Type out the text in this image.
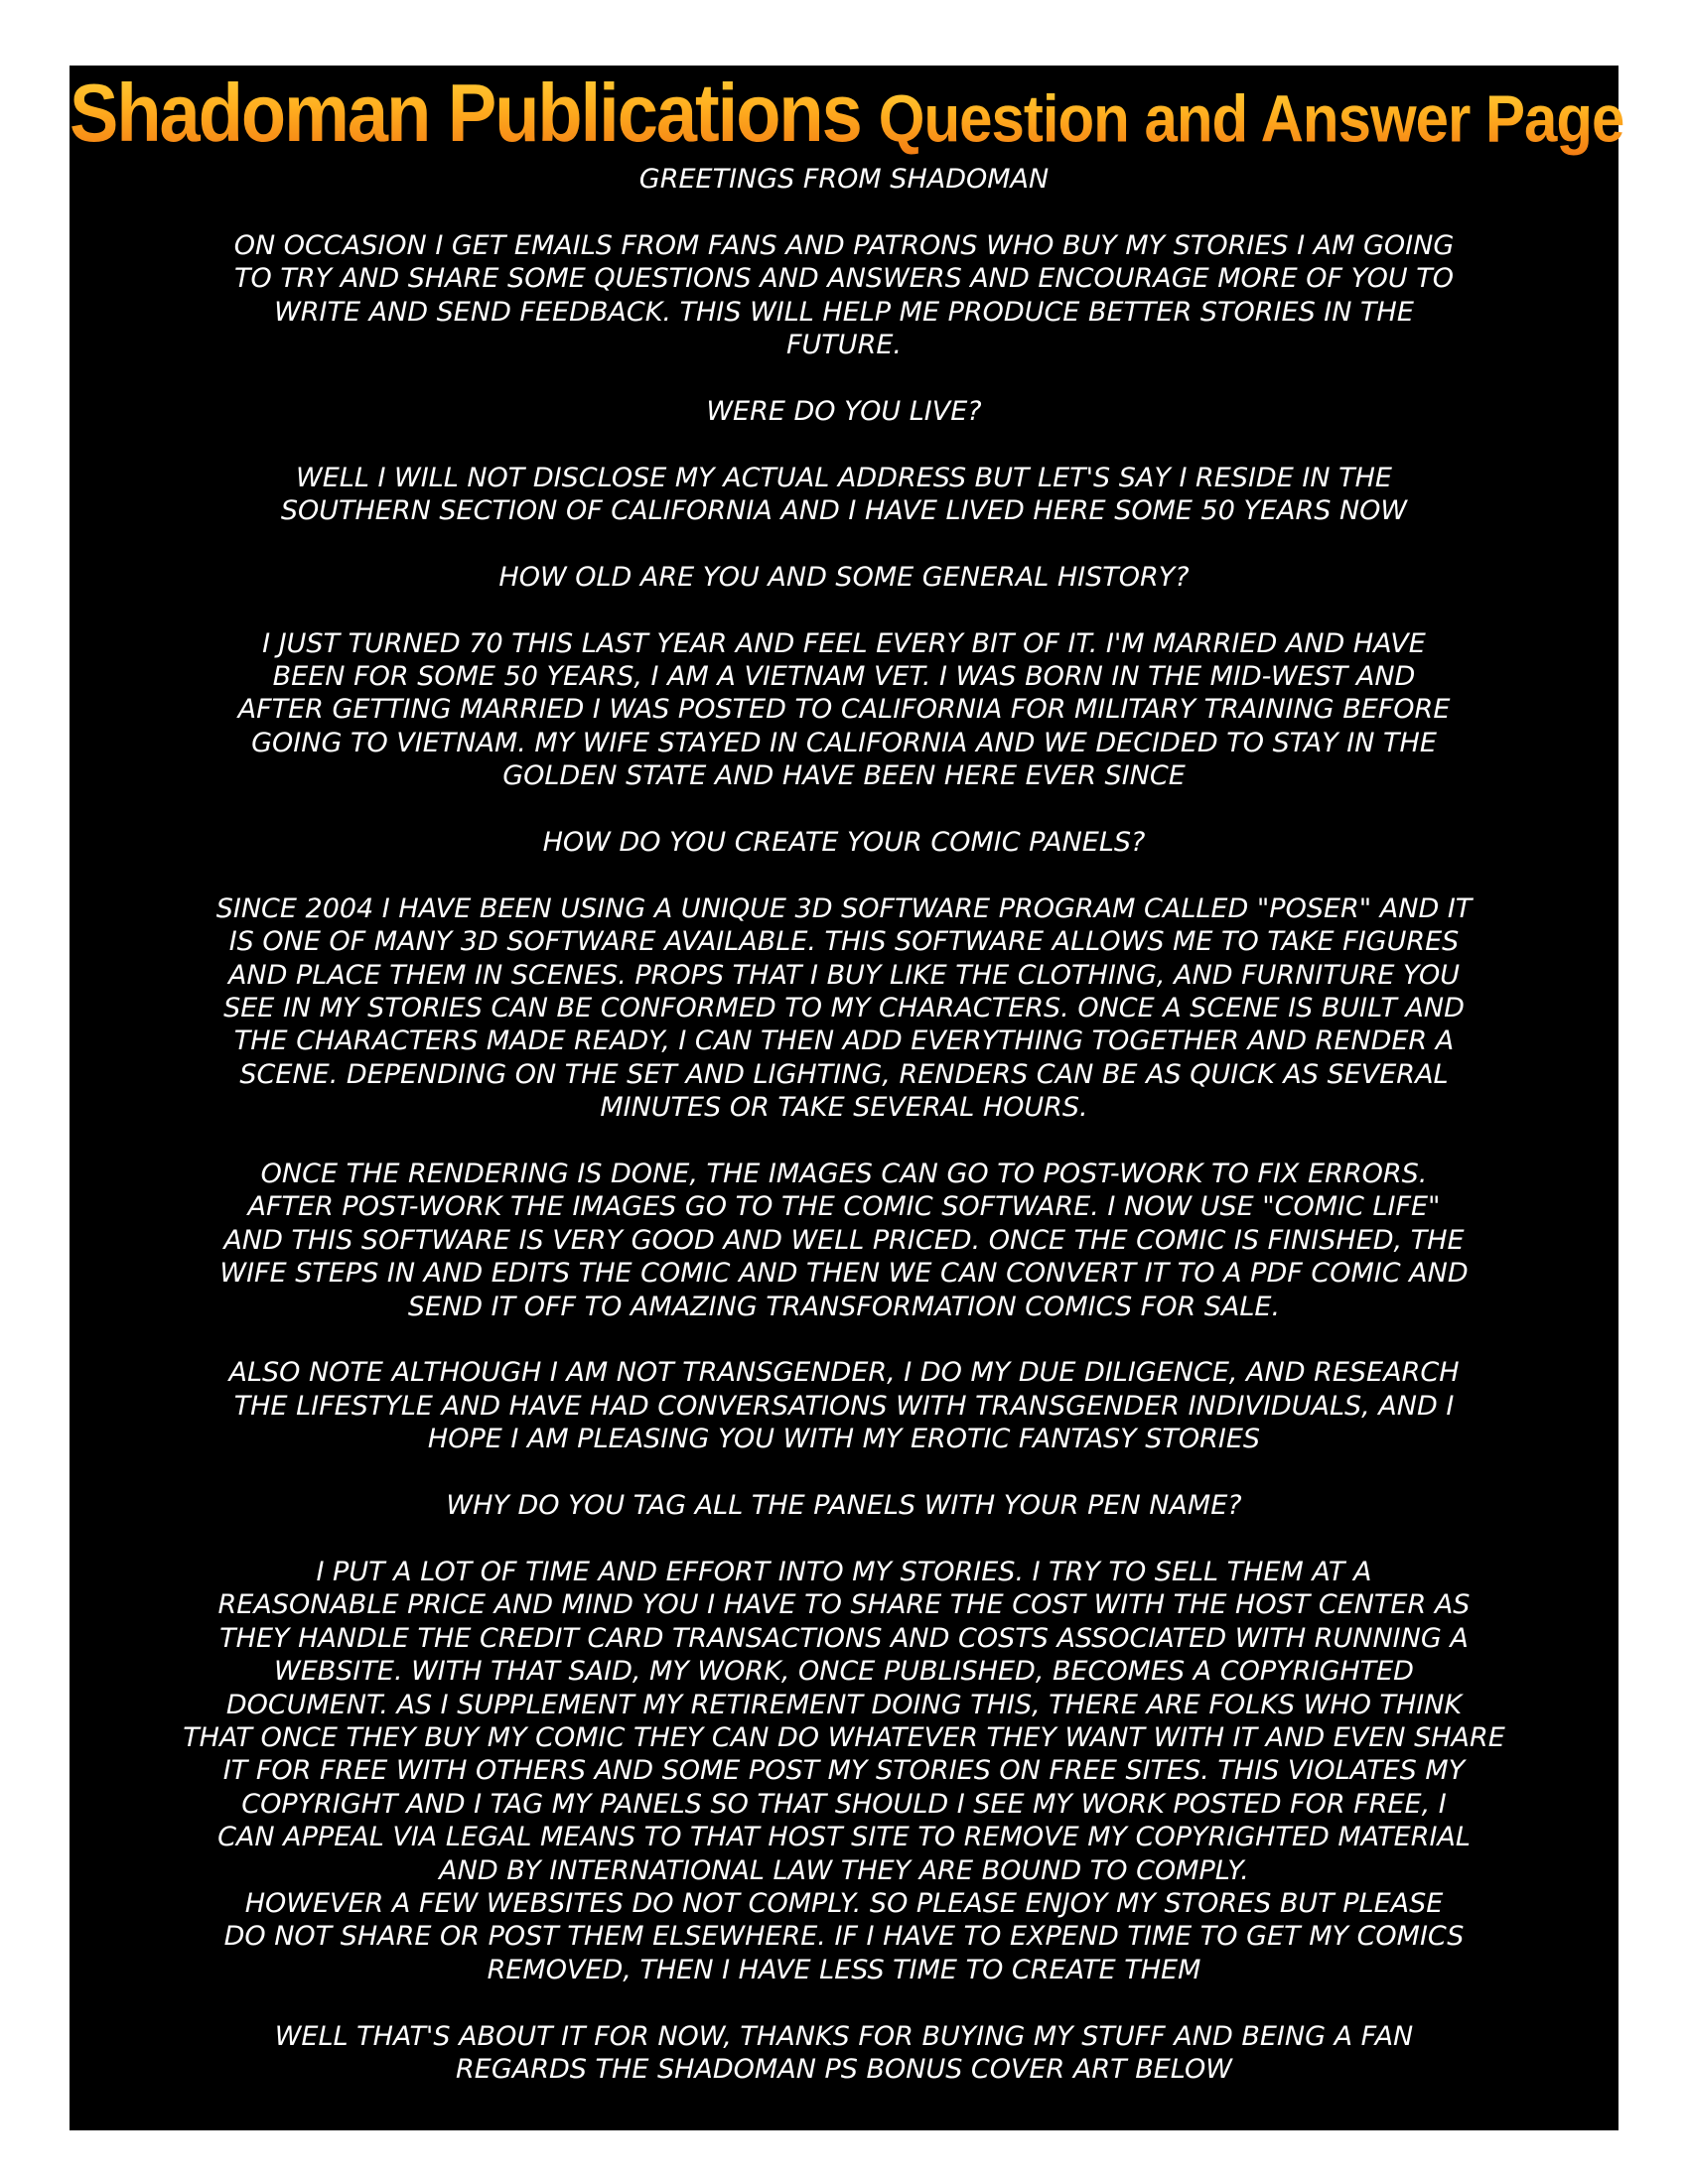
Shadoman Publications Question and Answer Page
GREETINGS FROM SHADOMAN
ON OCCASION I GET EMAILS FROM FANS AND PATRONS WHO BUY MY STORIES I AM GOING
TO TRY AND SHARE SOME QUESTIONS AND ANSWERS AND ENCOURAGE MORE OF YOU TO
WRITE AND SEND FEEDBACK. THIS WILL HELP ME PRODUCE BETTER STORIES IN THE
FUTURE.
WERE DO YOU LIVE?
WELL I WILL NOT DISCLOSE MY ACTUAL ADDRESS BUT LET'S SAY I RESIDE IN THE
SOUTHERN SECTION OF CALIFORNIA AND I HAVE LIVED HERE SOME 50 YEARS NOW
HOW OLD ARE YOU AND SOME GENERAL HISTORY?
I JUST TURNED 70 THIS LAST YEAR AND FEEL EVERY BIT OF IT. I'M MARRIED AND HAVE
BEEN FOR SOME 50 YEARS, I AM A VIETNAM VET. I WAS BORN IN THE MID-WEST AND
AFTER GETTING MARRIED I WAS POSTED TO CALIFORNIA FOR MILITARY TRAINING BEFORE
GOING TO VIETNAM. MY WIFE STAYED IN CALIFORNIA AND WE DECIDED TO STAY IN THE
GOLDEN STATE AND HAVE BEEN HERE EVER SINCE
HOW DO YOU CREATE YOUR COMIC PANELS?
SINCE 2004 I HAVE BEEN USING A UNIQUE 3D SOFTWARE PROGRAM CALLED "POSER" AND IT
IS ONE OF MANY 3D SOFTWARE AVAILABLE. THIS SOFTWARE ALLOWS ME TO TAKE FIGURES
AND PLACE THEM IN SCENES. PROPS THAT I BUY LIKE THE CLOTHING, AND FURNITURE YOU
SEE IN MY STORIES CAN BE CONFORMED TO MY CHARACTERS. ONCE A SCENE IS BUILT AND
THE CHARACTERS MADE READY, I CAN THEN ADD EVERYTHING TOGETHER AND RENDER A
SCENE. DEPENDING ON THE SET AND LIGHTING, RENDERS CAN BE AS QUICK AS SEVERAL
MINUTES OR TAKE SEVERAL HOURS.
ONCE THE RENDERING IS DONE, THE IMAGES CAN GO TO POST-WORK TO FIX ERRORS.
AFTER POST-WORK THE IMAGES GO TO THE COMIC SOFTWARE. I NOW USE "COMIC LIFE"
AND THIS SOFTWARE IS VERY GOOD AND WELL PRICED. ONCE THE COMIC IS FINISHED, THE
WIFE STEPS IN AND EDITS THE COMIC AND THEN WE CAN CONVERT IT TO A PDF COMIC AND
SEND IT OFF TO AMAZING TRANSFORMATION COMICS FOR SALE.
ALSO NOTE ALTHOUGH I AM NOT TRANSGENDER, I DO MY DUE DILIGENCE, AND RESEARCH
THE LIFESTYLE AND HAVE HAD CONVERSATIONS WITH TRANSGENDER INDIVIDUALS, AND I
HOPE I AM PLEASING YOU WITH MY EROTIC FANTASY STORIES
WHY DO YOU TAG ALL THE PANELS WITH YOUR PEN NAME?
I PUT A LOT OF TIME AND EFFORT INTO MY STORIES. I TRY TO SELL THEM AT A
REASONABLE PRICE AND MIND YOU I HAVE TO SHARE THE COST WITH THE HOST CENTER AS
THEY HANDLE THE CREDIT CARD TRANSACTIONS AND COSTS ASSOCIATED WITH RUNNING A
WEBSITE. WITH THAT SAID, MY WORK, ONCE PUBLISHED, BECOMES A COPYRIGHTED
DOCUMENT. AS I SUPPLEMENT MY RETIREMENT DOING THIS, THERE ARE FOLKS WHO THINK
THAT ONCE THEY BUY MY COMIC THEY CAN DO WHATEVER THEY WANT WITH IT AND EVEN SHARE
IT FOR FREE WITH OTHERS AND SOME POST MY STORIES ON FREE SITES. THIS VIOLATES MY
COPYRIGHT AND I TAG MY PANELS SO THAT SHOULD I SEE MY WORK POSTED FOR FREE, I
CAN APPEAL VIA LEGAL MEANS TO THAT HOST SITE TO REMOVE MY COPYRIGHTED MATERIAL
AND BY INTERNATIONAL LAW THEY ARE BOUND TO COMPLY.
HOWEVER A FEW WEBSITES DO NOT COMPLY. SO PLEASE ENJOY MY STORES BUT PLEASE
DO NOT SHARE OR POST THEM ELSEWHERE. IF I HAVE TO EXPEND TIME TO GET MY COMICS
REMOVED, THEN I HAVE LESS TIME TO CREATE THEM
WELL THAT'S ABOUT IT FOR NOW, THANKS FOR BUYING MY STUFF AND BEING A FAN
REGARDS THE SHADOMAN PS BONUS COVER ART BELOW
